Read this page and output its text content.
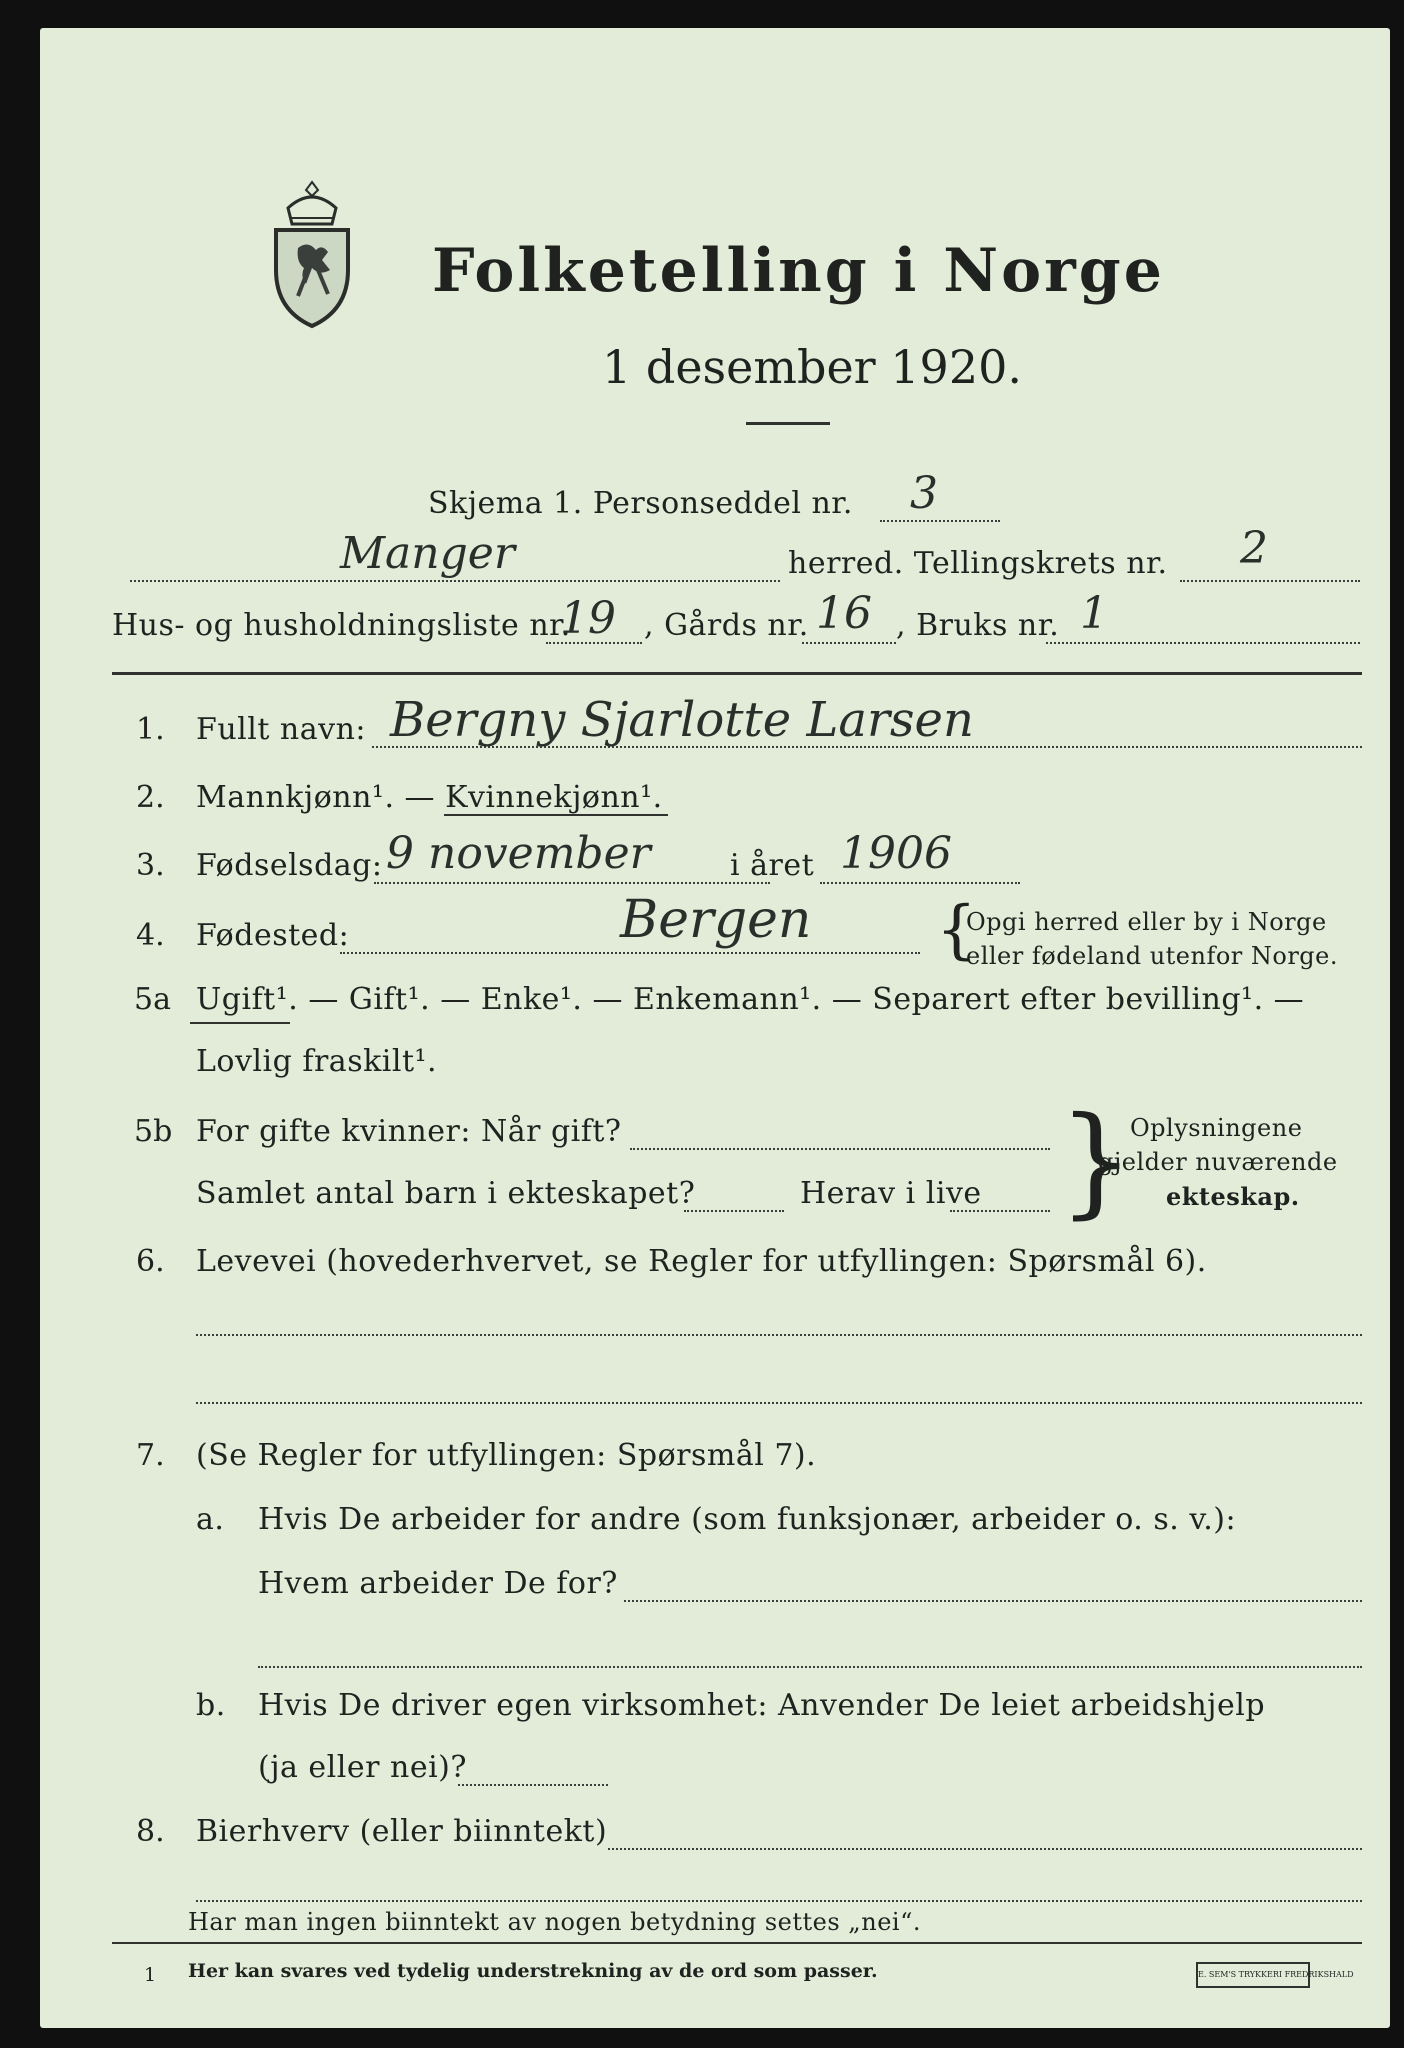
Folketelling i Norge
1 desember 1920.
Skjema 1. Personseddel nr. 3
Manger	herred. Tellingskrets nr. 2
Hus- og husholdningsliste nr.
19 , Gårds nr. 16 , Bruks nr. 1
1. Fullt navn: Bergny Sjarlotte Larsen
2. Mannkjønn¹. — Kvinnekjønn¹.
3. Fødselsdag: 9 november	i året 1906
4. Fødested:	Bergen {
Opgi herred eller by i Norge
eller fødeland utenfor Norge.
5a Ugift¹. — Gift¹. — Enke¹. — Enkemann¹. — Separert efter bevilling¹. —
Lovlig fraskilt¹.
5b For gifte kvinner: Når gift?
Samlet antal barn i ekteskapet?	Herav i live }
Oplysningene
gjelder nuværende
ekteskap.
6. Levevei (hovederhvervet, se Regler for utfyllingen: Spørsmål 6).
7. (Se Regler for utfyllingen: Spørsmål 7).
a. Hvis De arbeider for andre (som funksjonær, arbeider o. s. v.):
Hvem arbeider De for?
b. Hvis De driver egen virksomhet: Anvender De leiet arbeidshjelp
(ja eller nei)?
8. Bierhverv (eller biinntekt)
Har man ingen biinntekt av nogen betydning settes „nei“.
1 Her kan svares ved tydelig understrekning av de ord som passer.	E. SEM'S TRYKKERI FREDRIKSHALD
